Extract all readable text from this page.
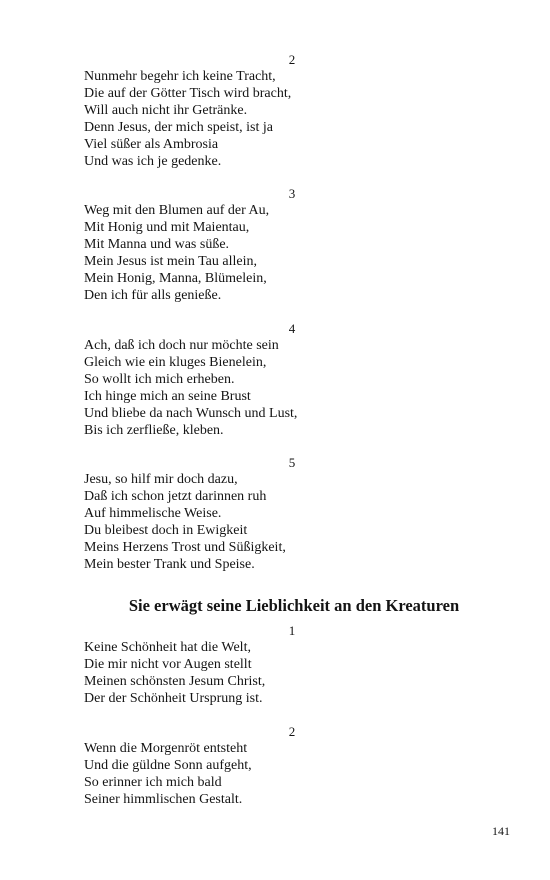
2
Nunmehr begehr ich keine Tracht,
Die auf der Götter Tisch wird bracht,
Will auch nicht ihr Getränke.
Denn Jesus, der mich speist, ist ja
Viel süßer als Ambrosia
Und was ich je gedenke.
3
Weg mit den Blumen auf der Au,
Mit Honig und mit Maientau,
Mit Manna und was süße.
Mein Jesus ist mein Tau allein,
Mein Honig, Manna, Blümelein,
Den ich für alls genieße.
4
Ach, daß ich doch nur möchte sein
Gleich wie ein kluges Bienelein,
So wollt ich mich erheben.
Ich hinge mich an seine Brust
Und bliebe da nach Wunsch und Lust,
Bis ich zerfließe, kleben.
5
Jesu, so hilf mir doch dazu,
Daß ich schon jetzt darinnen ruh
Auf himmelische Weise.
Du bleibest doch in Ewigkeit
Meins Herzens Trost und Süßigkeit,
Mein bester Trank und Speise.
Sie erwägt seine Lieblichkeit an den Kreaturen
1
Keine Schönheit hat die Welt,
Die mir nicht vor Augen stellt
Meinen schönsten Jesum Christ,
Der der Schönheit Ursprung ist.
2
Wenn die Morgenröt entsteht
Und die güldne Sonn aufgeht,
So erinner ich mich bald
Seiner himmlischen Gestalt.
141
